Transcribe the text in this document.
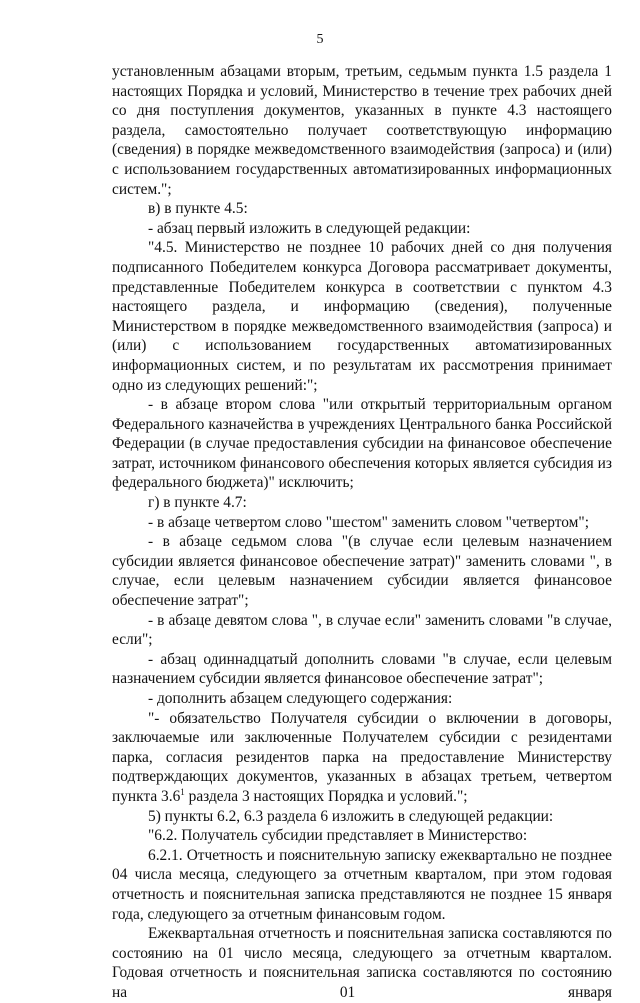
5

установленным абзацами вторым, третьим, седьмым пункта 1.5 раздела 1 настоящих Порядка и условий, Министерство в течение трех рабочих дней со дня поступления документов, указанных в пункте 4.3 настоящего раздела, самостоятельно получает соответствующую информацию (сведения) в порядке межведомственного взаимодействия (запроса) и (или) с использованием государственных автоматизированных информационных систем.";

в) в пункте 4.5:

- абзац первый изложить в следующей редакции:

"4.5. Министерство не позднее 10 рабочих дней со дня получения подписанного Победителем конкурса Договора рассматривает документы, представленные Победителем конкурса в соответствии с пунктом 4.3 настоящего раздела, и информацию (сведения), полученные Министерством в порядке межведомственного взаимодействия (запроса) и (или) с использованием государственных автоматизированных информационных систем, и по результатам их рассмотрения принимает одно из следующих решений:";

- в абзаце втором слова "или открытый территориальным органом Федерального казначейства в учреждениях Центрального банка Российской Федерации (в случае предоставления субсидии на финансовое обеспечение затрат, источником финансового обеспечения которых является субсидия из федерального бюджета)" исключить;

г) в пункте 4.7:

- в абзаце четвертом слово "шестом" заменить словом "четвертом";

- в абзаце седьмом слова "(в случае если целевым назначением субсидии является финансовое обеспечение затрат)" заменить словами ", в случае, если целевым назначением субсидии является финансовое обеспечение затрат";

- в абзаце девятом слова ", в случае если" заменить словами "в случае, если";

- абзац одиннадцатый дополнить словами "в случае, если целевым назначением субсидии является финансовое обеспечение затрат";

- дополнить абзацем следующего содержания:

"- обязательство Получателя субсидии о включении в договоры, заключаемые или заключенные Получателем субсидии с резидентами парка, согласия резидентов парка на предоставление Министерству подтверждающих документов, указанных в абзацах третьем, четвертом пункта $3.6^1$ раздела 3 настоящих Порядка и условий.";

5) пункты 6.2, 6.3 раздела 6 изложить в следующей редакции:

"6.2. Получатель субсидии представляет в Министерство:

6.2.1. Отчетность и пояснительную записку ежеквартально не позднее 04 числа месяца, следующего за отчетным кварталом, при этом годовая отчетность и пояснительная записка представляются не позднее 15 января года, следующего за отчетным финансовым годом.

Ежеквартальная отчетность и пояснительная записка составляются по состоянию на 01 число месяца, следующего за отчетным кварталом. Годовая отчетность и пояснительная записка составляются по состоянию на 01 января
